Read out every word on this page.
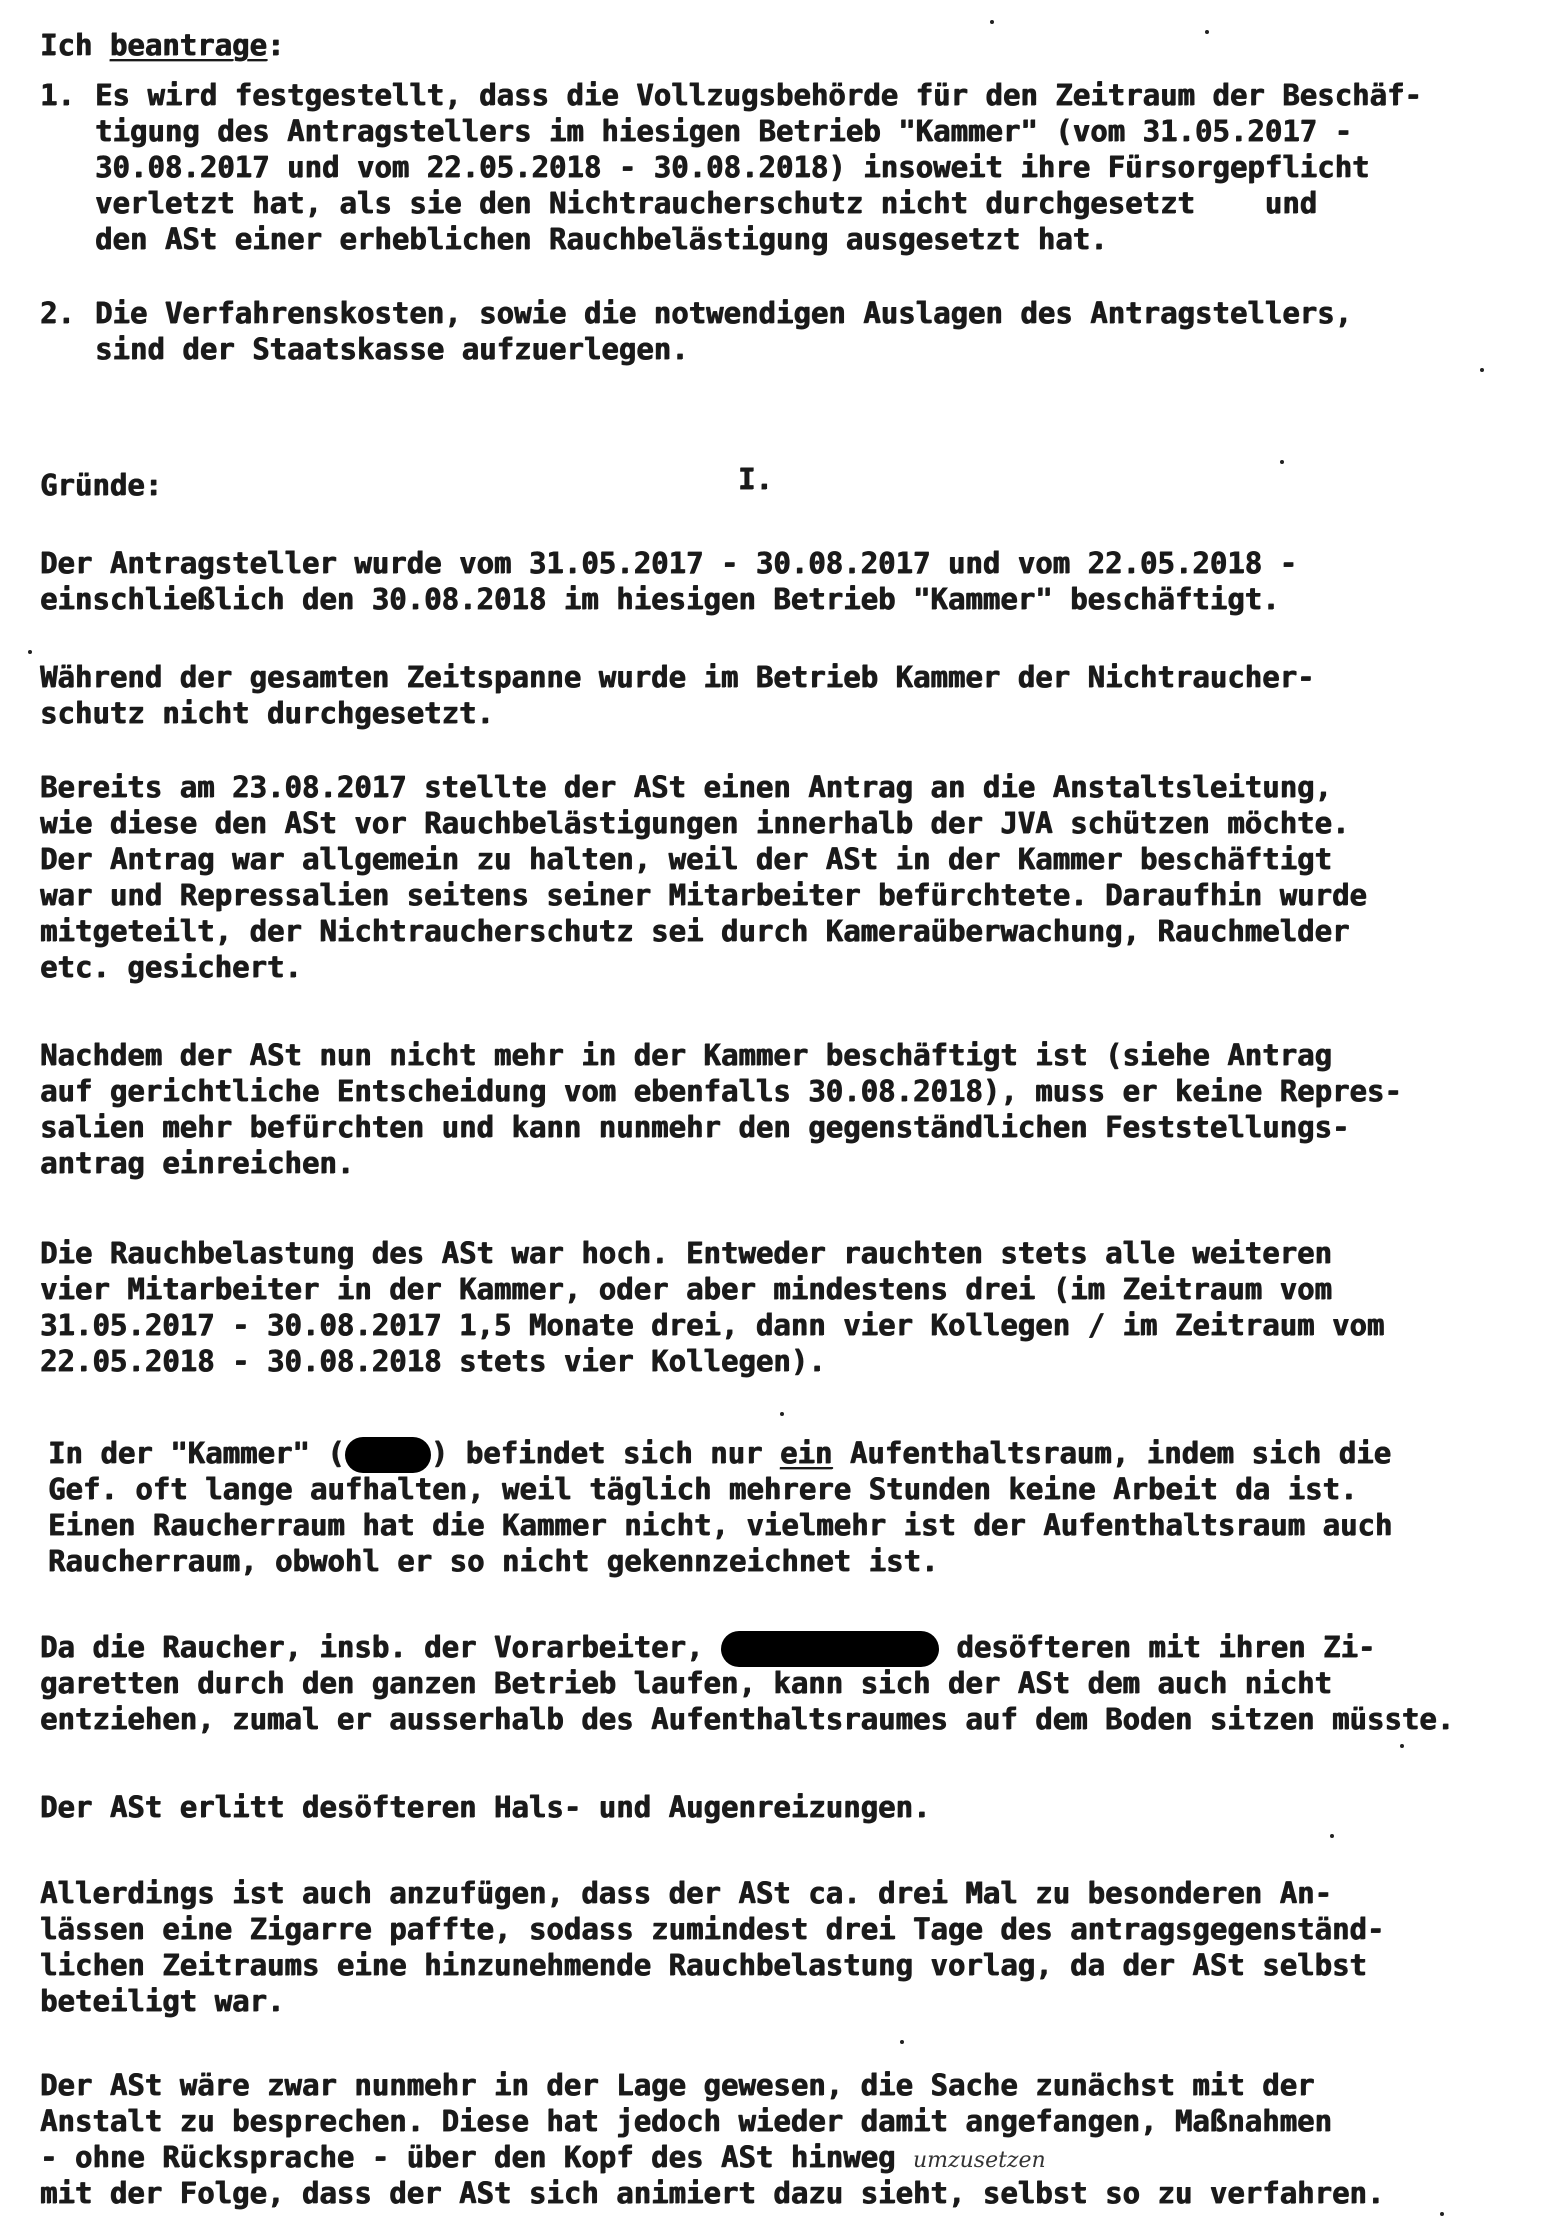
Ich beantrage:
1. Es wird festgestellt, dass die Vollzugsbehörde für den Zeitraum der Beschäf-
tigung des Antragstellers im hiesigen Betrieb "Kammer" (vom 31.05.2017 -
30.08.2017 und vom 22.05.2018 - 30.08.2018) insoweit ihre Fürsorgepflicht
verletzt hat, als sie den Nichtraucherschutz nicht durchgesetzt    und
den ASt einer erheblichen Rauchbelästigung ausgesetzt hat.
2. Die Verfahrenskosten, sowie die notwendigen Auslagen des Antragstellers,
sind der Staatskasse aufzuerlegen.
Gründe:	I.
Der Antragsteller wurde vom 31.05.2017 - 30.08.2017 und vom 22.05.2018 -
einschließlich den 30.08.2018 im hiesigen Betrieb "Kammer" beschäftigt.
Während der gesamten Zeitspanne wurde im Betrieb Kammer der Nichtraucher-
schutz nicht durchgesetzt.
Bereits am 23.08.2017 stellte der ASt einen Antrag an die Anstaltsleitung,
wie diese den ASt vor Rauchbelästigungen innerhalb der JVA schützen möchte.
Der Antrag war allgemein zu halten, weil der ASt in der Kammer beschäftigt
war und Repressalien seitens seiner Mitarbeiter befürchtete. Daraufhin wurde
mitgeteilt, der Nichtraucherschutz sei durch Kameraüberwachung, Rauchmelder
etc. gesichert.
Nachdem der ASt nun nicht mehr in der Kammer beschäftigt ist (siehe Antrag
auf gerichtliche Entscheidung vom ebenfalls 30.08.2018), muss er keine Repres-
salien mehr befürchten und kann nunmehr den gegenständlichen Feststellungs-
antrag einreichen.
Die Rauchbelastung des ASt war hoch. Entweder rauchten stets alle weiteren
vier Mitarbeiter in der Kammer, oder aber mindestens drei (im Zeitraum vom
31.05.2017 - 30.08.2017 1,5 Monate drei, dann vier Kollegen / im Zeitraum vom
22.05.2018 - 30.08.2018 stets vier Kollegen).
In der "Kammer" (	) befindet sich nur ein Aufenthaltsraum, indem sich die
Gef. oft lange aufhalten, weil täglich mehrere Stunden keine Arbeit da ist.
Einen Raucherraum hat die Kammer nicht, vielmehr ist der Aufenthaltsraum auch
Raucherraum, obwohl er so nicht gekennzeichnet ist.
Da die Raucher, insb. der Vorarbeiter,	desöfteren mit ihren Zi-
garetten durch den ganzen Betrieb laufen, kann sich der ASt dem auch nicht
entziehen, zumal er ausserhalb des Aufenthaltsraumes auf dem Boden sitzen müsste.
Der ASt erlitt desöfteren Hals- und Augenreizungen.
Allerdings ist auch anzufügen, dass der ASt ca. drei Mal zu besonderen An-
lässen eine Zigarre paffte, sodass zumindest drei Tage des antragsgegenständ-
lichen Zeitraums eine hinzunehmende Rauchbelastung vorlag, da der ASt selbst
beteiligt war.
Der ASt wäre zwar nunmehr in der Lage gewesen, die Sache zunächst mit der
Anstalt zu besprechen. Diese hat jedoch wieder damit angefangen, Maßnahmen
- ohne Rücksprache - über den Kopf des ASt hinweg umzusetzen
mit der Folge, dass der ASt sich animiert dazu sieht, selbst so zu verfahren.
